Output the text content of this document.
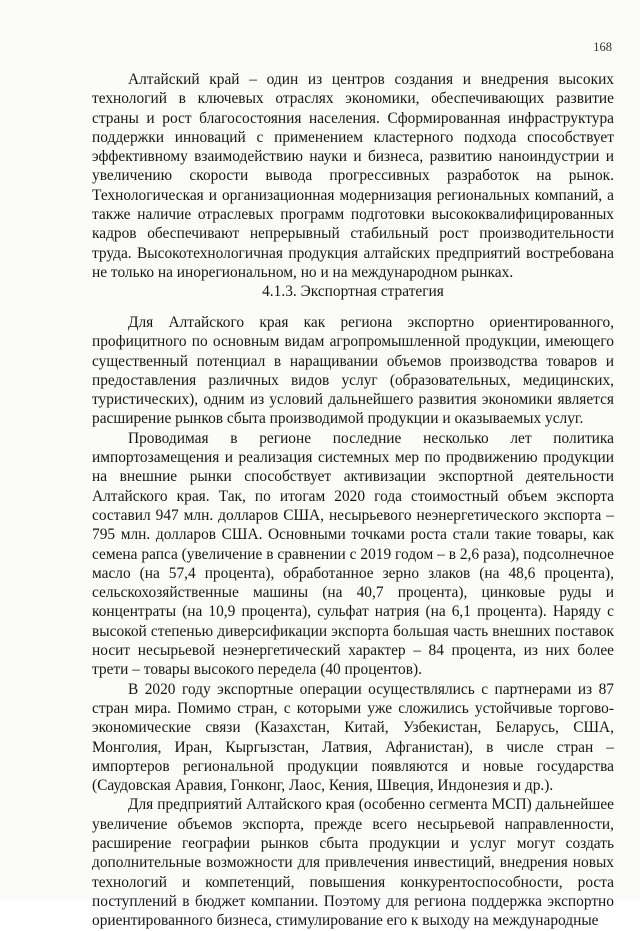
168

Алтайский край – один из центров создания и внедрения высоких технологий в ключевых отраслях экономики, обеспечивающих развитие страны и рост благосостояния населения. Сформированная инфраструктура поддержки инноваций с применением кластерного подхода способствует эффективному взаимодействию науки и бизнеса, развитию наноиндустрии и увеличению скорости вывода прогрессивных разработок на рынок. Технологическая и организационная модернизация региональных компаний, а также наличие отраслевых программ подготовки высококвалифицированных кадров обеспечивают непрерывный стабильный рост производительности труда. Высокотехнологичная продукция алтайских предприятий востребована не только на инорегиональном, но и на международном рынках.

4.1.3. Экспортная стратегия

Для Алтайского края как региона экспортно ориентированного, профицитного по основным видам агропромышленной продукции, имеющего существенный потенциал в наращивании объемов производства товаров и предоставления различных видов услуг (образовательных, медицинских, туристических), одним из условий дальнейшего развития экономики является расширение рынков сбыта производимой продукции и оказываемых услуг.

Проводимая в регионе последние несколько лет политика импортозамещения и реализация системных мер по продвижению продукции на внешние рынки способствует активизации экспортной деятельности Алтайского края. Так, по итогам 2020 года стоимостный объем экспорта составил 947 млн. долларов США, несырьевого неэнергетического экспорта – 795 млн. долларов США. Основными точками роста стали такие товары, как семена рапса (увеличение в сравнении с 2019 годом – в 2,6 раза), подсолнечное масло (на 57,4 процента), обработанное зерно злаков (на 48,6 процента), сельскохозяйственные машины (на 40,7 процента), цинковые руды и концентраты (на 10,9 процента), сульфат натрия (на 6,1 процента). Наряду с высокой степенью диверсификации экспорта большая часть внешних поставок носит несырьевой неэнергетический характер – 84 процента, из них более трети – товары высокого передела (40 процентов).

В 2020 году экспортные операции осуществлялись с партнерами из 87 стран мира. Помимо стран, с которыми уже сложились устойчивые торгово-экономические связи (Казахстан, Китай, Узбекистан, Беларусь, США, Монголия, Иран, Кыргызстан, Латвия, Афганистан), в числе стран – импортеров региональной продукции появляются и новые государства (Саудовская Аравия, Гонконг, Лаос, Кения, Швеция, Индонезия и др.).

Для предприятий Алтайского края (особенно сегмента МСП) дальнейшее увеличение объемов экспорта, прежде всего несырьевой направленности, расширение географии рынков сбыта продукции и услуг могут создать дополнительные возможности для привлечения инвестиций, внедрения новых технологий и компетенций, повышения конкурентоспособности, роста поступлений в бюджет компании. Поэтому для региона поддержка экспортно ориентированного бизнеса, стимулирование его к выходу на международные
